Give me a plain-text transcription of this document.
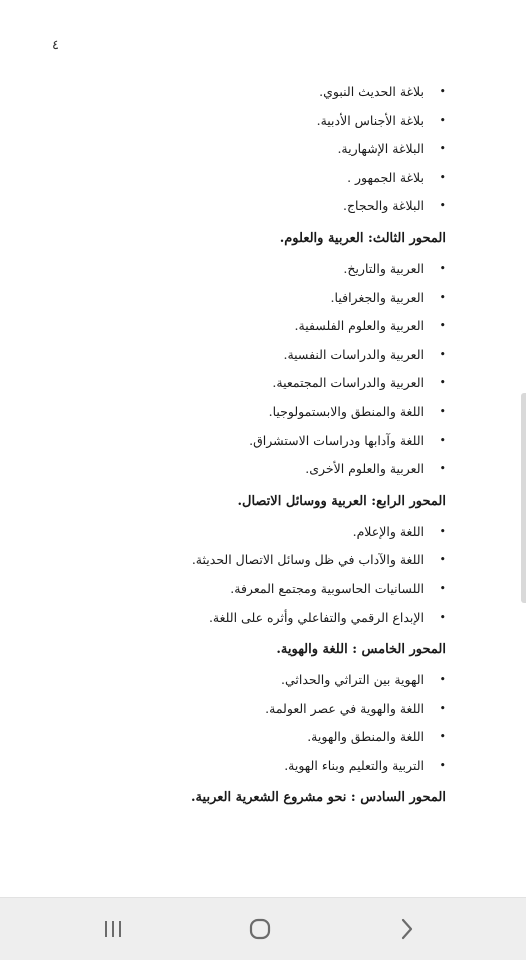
٤
•
بلاغة الحديث النبوي.
•
بلاغة الأجناس الأدبية.
•
البلاغة الإشهارية.
•
بلاغة الجمهور .
•
البلاغة والحجاج.
المحور الثالث: العربية والعلوم.
•
العربية والتاريخ.
•
العربية والجغرافيا.
•
العربية والعلوم الفلسفية.
•
العربية والدراسات النفسية.
•
العربية والدراسات المجتمعية.
•
اللغة والمنطق والابستمولوجيا.
•
اللغة وآدابها ودراسات الاستشراق.
•
العربية والعلوم الأخرى.
المحور الرابع: العربية ووسائل الاتصال.
•
اللغة والإعلام.
•
اللغة والآداب في ظل وسائل الاتصال الحديثة.
•
اللسانيات الحاسوبية ومجتمع المعرفة.
•
الإبداع الرقمي والتفاعلي وأثره على اللغة.
المحور الخامس : اللغة والهوية.
•
الهوية بين التراثي والحداثي.
•
اللغة والهوية في عصر العولمة.
•
اللغة والمنطق والهوية.
•
التربية والتعليم وبناء الهوية.
المحور السادس : نحو مشروع الشعرية العربية.
